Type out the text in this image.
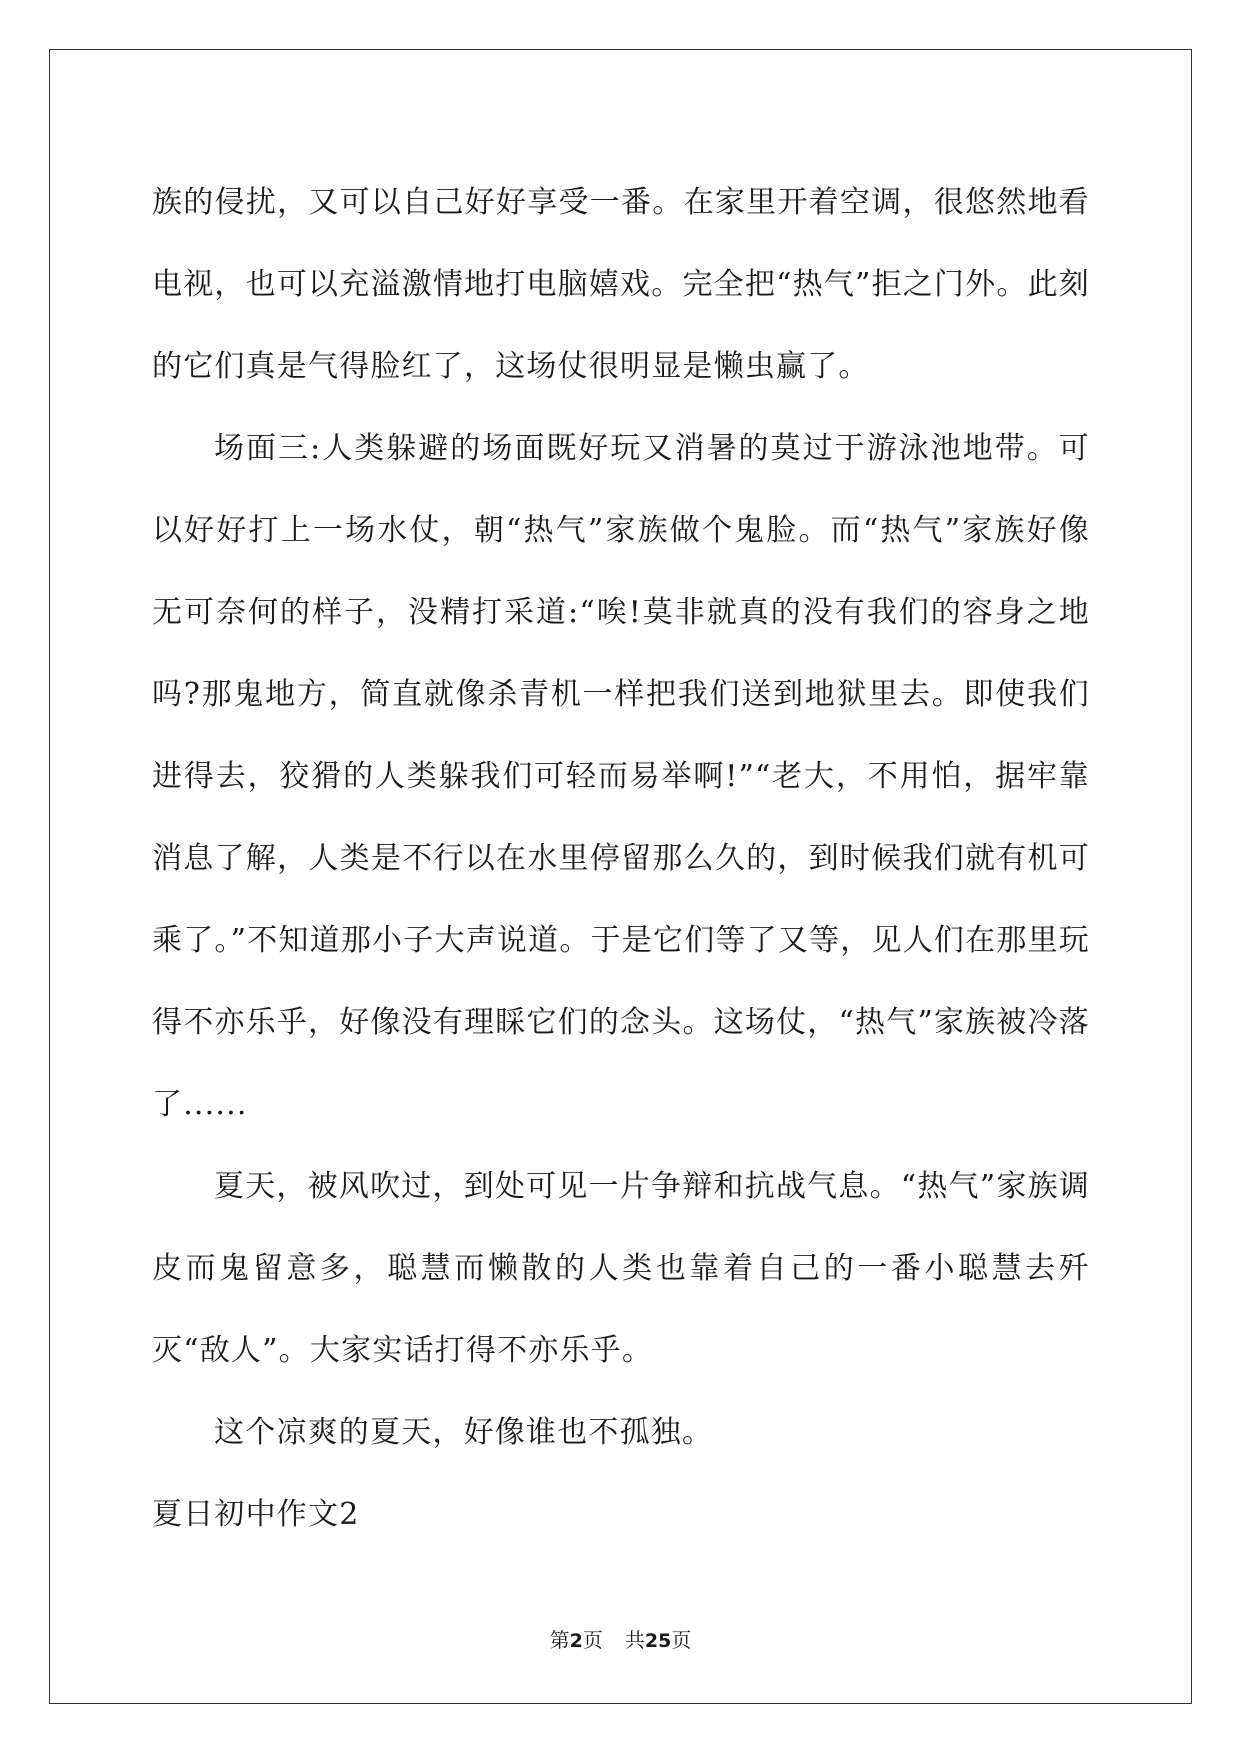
族的侵扰，又可以自己好好享受一番。在家里开着空调，很悠然地看电视，也可以充溢激情地打电脑嬉戏。完全把“热气”拒之门外。此刻的它们真是气得脸红了，这场仗很明显是懒虫赢了。

场面三:人类躲避的场面既好玩又消暑的莫过于游泳池地带。可以好好打上一场水仗，朝“热气”家族做个鬼脸。而“热气”家族好像无可奈何的样子，没精打采道:“唉!莫非就真的没有我们的容身之地吗?那鬼地方，简直就像杀青机一样把我们送到地狱里去。即使我们进得去，狡猾的人类躲我们可轻而易举啊!”“老大，不用怕，据牢靠消息了解，人类是不行以在水里停留那么久的，到时候我们就有机可乘了。”不知道那小子大声说道。于是它们等了又等，见人们在那里玩得不亦乐乎，好像没有理睬它们的念头。这场仗，“热气”家族被冷落了......

夏天，被风吹过，到处可见一片争辩和抗战气息。“热气”家族调皮而鬼留意多，聪慧而懒散的人类也靠着自己的一番小聪慧去歼灭“敌人”。大家实话打得不亦乐乎。

这个凉爽的夏天，好像谁也不孤独。

夏日初中作文2
第2页 共25页
